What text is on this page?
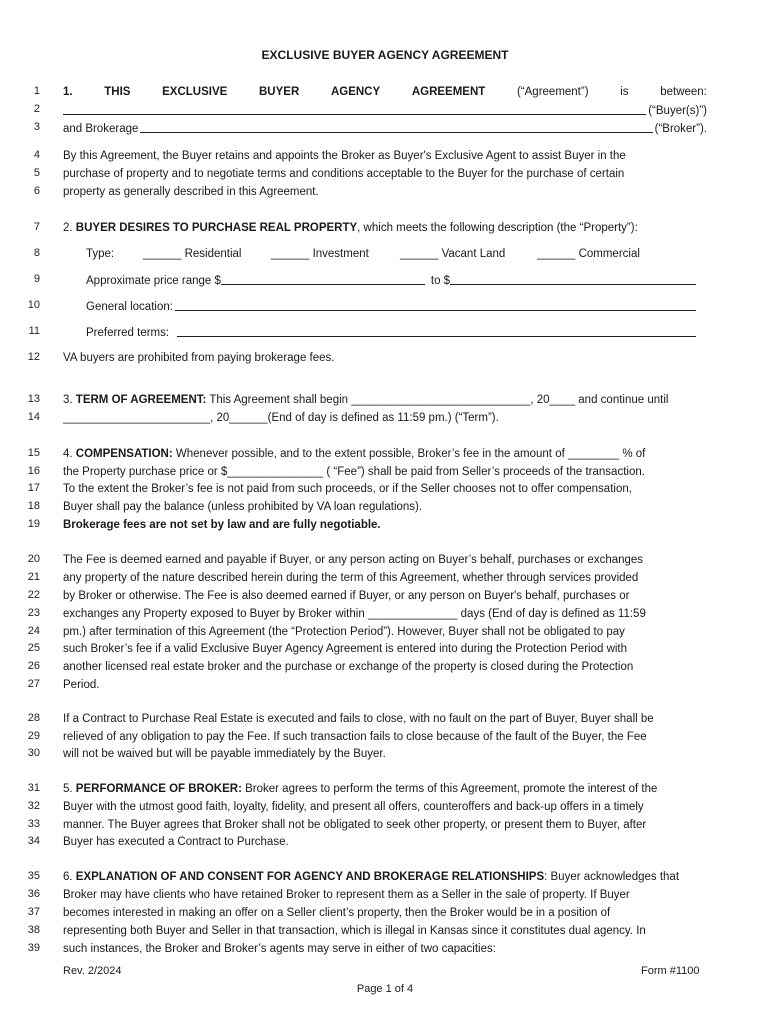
EXCLUSIVE BUYER AGENCY AGREEMENT
1
2
3
4
5
6
7
8
9
10
11
12
13
14
15
16
17
18
19
20
21
22
23
24
25
26
27
28
29
30
31
32
33
34
35
36
37
38
39
1.	THIS	EXCLUSIVE	BUYER	AGENCY	AGREEMENT	(“Agreement”)	is	between:
(“Buyer(s)”)
and Brokerage	(“Broker”).
By this Agreement, the Buyer retains and appoints the Broker as Buyer's Exclusive Agent to assist Buyer in the
purchase of property and to negotiate terms and conditions acceptable to the Buyer for the purchase of certain
property as generally described in this Agreement.
2. BUYER DESIRES TO PURCHASE REAL PROPERTY, which meets the following description (the “Property”):
Type:	______ Residential	______ Investment	______ Vacant Land	______ Commercial
Approximate price range $	to $
General location:
Preferred terms:
VA buyers are prohibited from paying brokerage fees.
3. TERM OF AGREEMENT: This Agreement shall begin ____________________________, 20____ and continue until
_______________________, 20______(End of day is defined as 11:59 pm.) (“Term”).
4. COMPENSATION: Whenever possible, and to the extent possible, Broker’s fee in the amount of ________ % of
the Property purchase price or $_______________ ( “Fee”) shall be paid from Seller’s proceeds of the transaction.
To the extent the Broker’s fee is not paid from such proceeds, or if the Seller chooses not to offer compensation,
Buyer shall pay the balance (unless prohibited by VA loan regulations).
Brokerage fees are not set by law and are fully negotiable.
The Fee is deemed earned and payable if Buyer, or any person acting on Buyer’s behalf, purchases or exchanges
any property of the nature described herein during the term of this Agreement, whether through services provided
by Broker or otherwise. The Fee is also deemed earned if Buyer, or any person on Buyer's behalf, purchases or
exchanges any Property exposed to Buyer by Broker within ______________ days (End of day is defined as 11:59
pm.) after termination of this Agreement (the “Protection Period”). However, Buyer shall not be obligated to pay
such Broker’s fee if a valid Exclusive Buyer Agency Agreement is entered into during the Protection Period with
another licensed real estate broker and the purchase or exchange of the property is closed during the Protection
Period.
If a Contract to Purchase Real Estate is executed and fails to close, with no fault on the part of Buyer, Buyer shall be
relieved of any obligation to pay the Fee. If such transaction fails to close because of the fault of the Buyer, the Fee
will not be waived but will be payable immediately by the Buyer.
5. PERFORMANCE OF BROKER: Broker agrees to perform the terms of this Agreement, promote the interest of the
Buyer with the utmost good faith, loyalty, fidelity, and present all offers, counteroffers and back-up offers in a timely
manner. The Buyer agrees that Broker shall not be obligated to seek other property, or present them to Buyer, after
Buyer has executed a Contract to Purchase.
6. EXPLANATION OF AND CONSENT FOR AGENCY AND BROKERAGE RELATIONSHIPS: Buyer acknowledges that
Broker may have clients who have retained Broker to represent them as a Seller in the sale of property. If Buyer
becomes interested in making an offer on a Seller client’s property, then the Broker would be in a position of
representing both Buyer and Seller in that transaction, which is illegal in Kansas since it constitutes dual agency. In
such instances, the Broker and Broker’s agents may serve in either of two capacities:
Rev. 2/2024	Form #1100
Page 1 of 4
